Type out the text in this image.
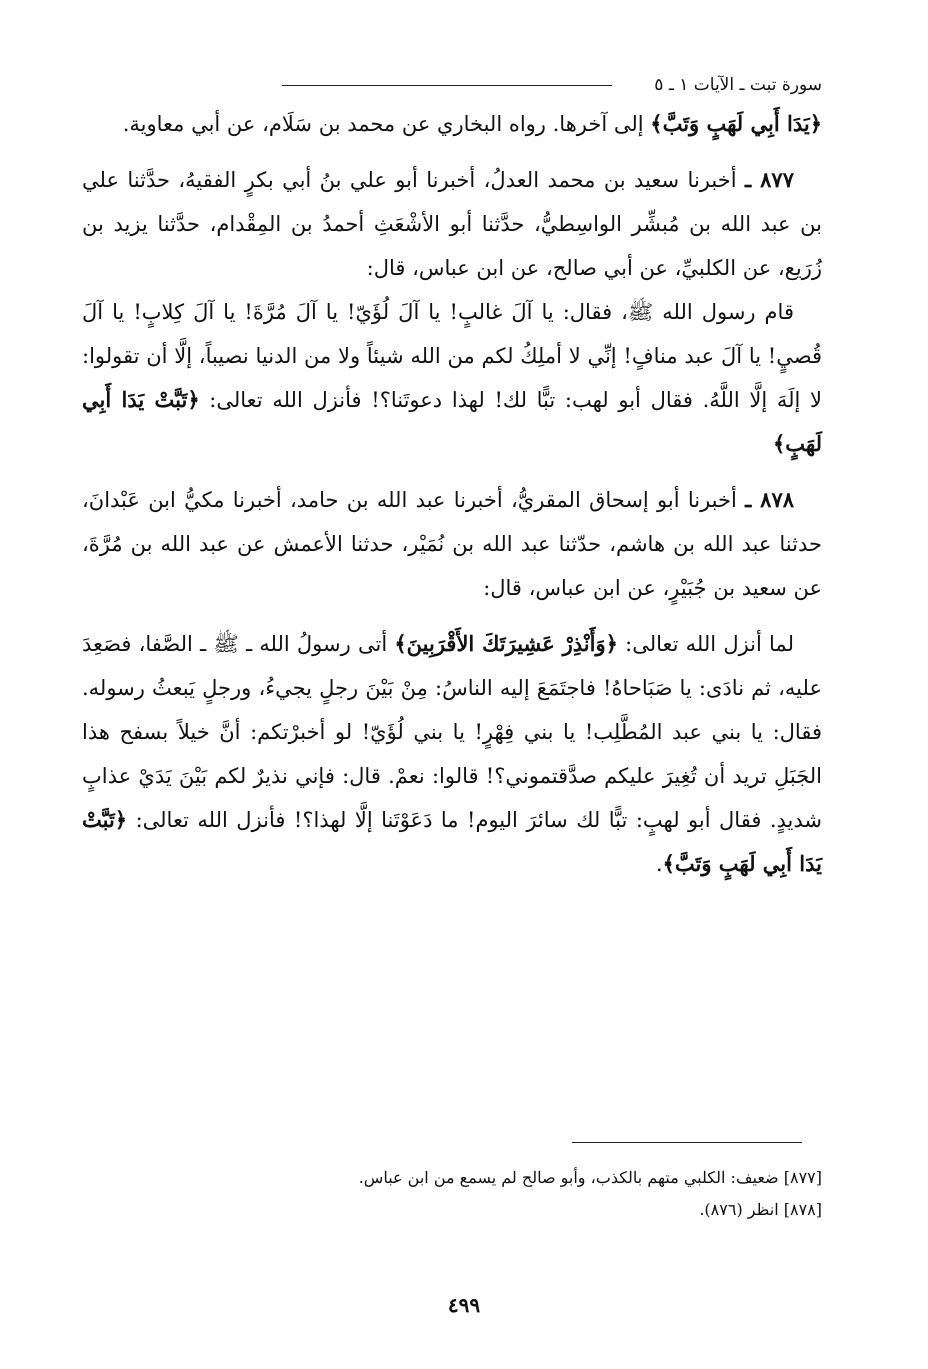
سورة تبت ـ الآيات ١ ـ ٥

﴿يَدَا أَبِي لَهَبٍ وَتَبَّ﴾ إلى آخرها. رواه البخاري عن محمد بن سَلَام، عن أبي معاوية.

٨٧٧ ـ أخبرنا سعيد بن محمد العدلُ، أخبرنا أبو علي بنُ أبي بكرٍ الفقيهُ، حدَّثنا علي بن عبد الله بن مُبشِّر الواسِطيُّ، حدَّثنا أبو الأشْعَثِ أحمدُ بن المِقْدام، حدَّثنا يزيد بن زُرَيع، عن الكلبيِّ، عن أبي صالح، عن ابن عباس، قال:

قام رسول الله ﷺ، فقال: يا آلَ غالبٍ! يا آلَ لُؤَيّ! يا آلَ مُرَّةَ! يا آلَ كِلابٍ! يا آلَ قُصيٍ! يا آلَ عبد منافٍ! إنِّي لا أملِكُ لكم من الله شيئاً ولا من الدنيا نصيباً، إلَّا أن تقولوا: لا إلَهَ إلَّا اللَّهُ. فقال أبو لهب: تبًّا لك! لهذا دعوتَنا؟! فأنزل الله تعالى: ﴿تَبَّتْ يَدَا أَبِي لَهَبٍ﴾

٨٧٨ ـ أخبرنا أبو إسحاق المقريُّ، أخبرنا عبد الله بن حامد، أخبرنا مكيُّ ابن عَبْدانَ، حدثنا عبد الله بن هاشم، حدّثنا عبد الله بن نُمَيْر، حدثنا الأعمش عن عبد الله بن مُرَّةَ، عن سعيد بن جُبَيْرٍ، عن ابن عباس، قال:

لما أنزل الله تعالى: ﴿وَأَنْذِرْ عَشِيرَتَكَ الأَقْرَبِينَ﴾ أتى رسولُ الله ـ ﷺ ـ الصَّفا، فصَعِدَ عليه، ثم نادَى: يا صَبَاحاهُ! فاجتَمَعَ إليه الناسُ: مِنْ بَيْنَ رجلٍ يجيءُ، ورجلٍ يَبعثُ رسوله. فقال: يا بني عبد المُطَّلِب! يا بني فِهْرٍ! يا بني لُؤَيّ! لو أخبرْتكم: أنَّ خيلاً بسفح هذا الجَبَلِ تريد أن تُغِيرَ عليكم صدَّقتموني؟! قالوا: نعمْ. قال: فإني نذيرٌ لكم بَيْنَ يَدَيْ عذابٍ شديدٍ. فقال أبو لهبٍ: تبًّا لك سائرَ اليوم! ما دَعَوْتَنا إلَّا لهذا؟! فأنزل الله تعالى: ﴿تَبَّتْ يَدَا أَبِي لَهَبٍ وَتَبَّ﴾.

[٨٧٧] ضعيف: الكلبي متهم بالكذب، وأبو صالح لم يسمع من ابن عباس.

[٨٧٨] انظر (٨٧٦).

٤٩٩
